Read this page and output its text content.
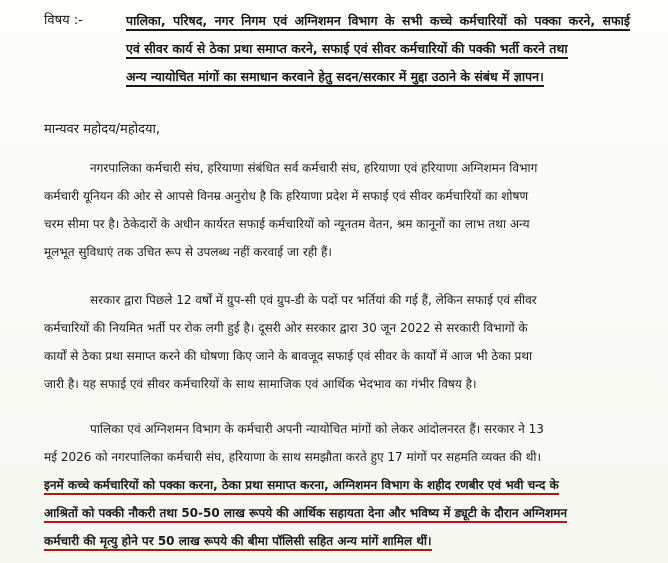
विषय :-	पालिका, परिषद, नगर निगम एवं अग्निशमन विभाग के सभी कच्चे कर्मचारियों को पक्का करने, सफाई
एवं सीवर कार्य से ठेका प्रथा समाप्त करने, सफाई एवं सीवर कर्मचारियों की पक्की भर्ती करने तथा
अन्य न्यायोचित मांगों का समाधान करवाने हेतु सदन/सरकार में मुद्दा उठाने के संबंध में ज्ञापन।
मान्यवर महोदय/महोदया,
नगरपालिका कर्मचारी संघ, हरियाणा संबंधित सर्व कर्मचारी संघ, हरियाणा एवं हरियाणा अग्निशमन विभाग
कर्मचारी यूनियन की ओर से आपसे विनम्र अनुरोध है कि हरियाणा प्रदेश में सफाई एवं सीवर कर्मचारियों का शोषण
चरम सीमा पर है। ठेकेदारों के अधीन कार्यरत सफाई कर्मचारियों को न्यूनतम वेतन, श्रम कानूनों का लाभ तथा अन्य
मूलभूत सुविधाएं तक उचित रूप से उपलब्ध नहीं करवाई जा रही हैं।
सरकार द्वारा पिछले 12 वर्षों में ग्रुप-सी एवं ग्रुप-डी के पदों पर भर्तियां की गई हैं, लेकिन सफाई एवं सीवर
कर्मचारियों की नियमित भर्ती पर रोक लगी हुई है। दूसरी ओर सरकार द्वारा 30 जून 2022 से सरकारी विभागों के
कार्यों से ठेका प्रथा समाप्त करने की घोषणा किए जाने के बावजूद सफाई एवं सीवर के कार्यों में आज भी ठेका प्रथा
जारी है। यह सफाई एवं सीवर कर्मचारियों के साथ सामाजिक एवं आर्थिक भेदभाव का गंभीर विषय है।
पालिका एवं अग्निशमन विभाग के कर्मचारी अपनी न्यायोचित मांगों को लेकर आंदोलनरत हैं। सरकार ने 13
मई 2026 को नगरपालिका कर्मचारी संघ, हरियाणा के साथ समझौता करते हुए 17 मांगों पर सहमति व्यक्त की थी।
इनमें कच्चे कर्मचारियों को पक्का करना, ठेका प्रथा समाप्त करना, अग्निशमन विभाग के शहीद रणबीर एवं भवी चन्द के
आश्रितों को पक्की नौकरी तथा 50-50 लाख रूपये की आर्थिक सहायता देना और भविष्य में ड्यूटी के दौरान अग्निशमन
कर्मचारी की मृत्यु होने पर 50 लाख रूपये की बीमा पॉलिसी सहित अन्य मांगें शामिल थीं।
